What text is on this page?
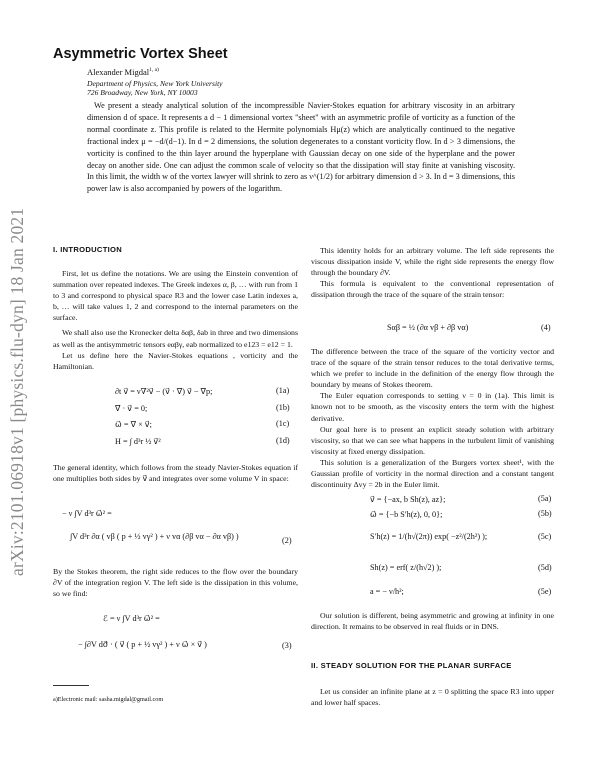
arXiv:2101.06918v1 [physics.flu-dyn] 18 Jan 2021
Asymmetric Vortex Sheet
Alexander Migdal$^{1, a)}$
Department of Physics, New York University
726 Broadway, New York, NY 10003

We present a steady analytical solution of the incompressible Navier-Stokes equation for arbitrary viscosity in an arbitrary dimension d of space. It represents a d − 1 dimensional vortex "sheet" with an asymmetric profile of vorticity as a function of the normal coordinate z. This profile is related to the Hermite polynomials Hμ(z) which are analytically continued to the negative fractional index μ = −d/(d−1). In d = 2 dimensions, the solution degenerates to a constant vorticity flow. In d > 3 dimensions, the vorticity is confined to the thin layer around the hyperplane with Gaussian decay on one side of the hyperplane and the power decay on another side. One can adjust the common scale of velocity so that the dissipation will stay finite at vanishing viscosity. In this limit, the width w of the vortex lawyer will shrink to zero as ν^(1/2) for arbitrary dimension d > 3. In d = 3 dimensions, this power law is also accompanied by powers of the logarithm.

I. INTRODUCTION

First, let us define the notations. We are using the Einstein convention of summation over repeated indexes. The Greek indexes α, β, … with run from 1 to 3 and correspond to physical space R3 and the lower case Latin indexes a, b, … will take values 1, 2 and correspond to the internal parameters on the surface.

We shall also use the Kronecker delta δαβ, δab in three and two dimensions as well as the antisymmetric tensors eαβγ, eab normalized to e123 = e12 = 1.

Let us define here the Navier-Stokes equations , vorticity and the Hamiltonian.

∂t v⃗ = ν∇²v⃗ − (v⃗ · ∇⃗) v⃗ − ∇⃗p;	(1a)
∇⃗ · v⃗ = 0;	(1b)
ω⃗ = ∇⃗ × v⃗;	(1c)
H = ∫ d³r ½ v⃗²	(1d)

The general identity, which follows from the steady Navier-Stokes equation if one multiplies both sides by v⃗ and integrates over some volume V in space:

− ν ∫V d³r ω⃗² =
∫V d³r ∂α ( vβ ( p + ½ vγ² ) + ν vα (∂β vα − ∂α vβ) )	(2)

By the Stokes theorem, the right side reduces to the flow over the boundary ∂V of the integration region V. The left side is the dissipation in this volume, so we find:

ℰ = ν ∫V d³r ω⃗² =
− ∫∂V dσ⃗ · ( v⃗ ( p + ½ vγ² ) + ν ω⃗ × v⃗ )	(3)
a)Electronic mail: sasha.migdal@gmail.com

This identity holds for an arbitrary volume. The left side represents the viscous dissipation inside V, while the right side represents the energy flow through the boundary ∂V.

This formula is equivalent to the conventional representation of dissipation through the trace of the square of the strain tensor:

Sαβ = ½ (∂α vβ + ∂β vα)	(4)

The difference between the trace of the square of the vorticity vector and trace of the square of the strain tensor reduces to the total derivative terms, which we prefer to include in the definition of the energy flow through the boundary by means of Stokes theorem.

The Euler equation corresponds to setting ν = 0 in (1a). This limit is known not to be smooth, as the viscosity enters the term with the highest derivative.

Our goal here is to present an explicit steady solution with arbitrary viscosity, so that we can see what happens in the turbulent limit of vanishing viscosity at fixed energy dissipation.

This solution is a generalization of the Burgers vortex sheet¹, with the Gaussian profile of vorticity in the normal direction and a constant tangent discontinuity Δvy = 2b in the Euler limit.

v⃗ = {−ax, b Sh(z), az};	(5a)
ω⃗ = {−b S′h(z), 0, 0};	(5b)
S′h(z) = 1/(h√(2π)) exp( −z²/(2h²) );	(5c)
Sh(z) = erf( z/(h√2) );	(5d)
a = − ν/h²;	(5e)

Our solution is different, being asymmetric and growing at infinity in one direction. It remains to be observed in real fluids or in DNS.

II. STEADY SOLUTION FOR THE PLANAR SURFACE

Let us consider an infinite plane at z = 0 splitting the space R3 into upper and lower half spaces.
